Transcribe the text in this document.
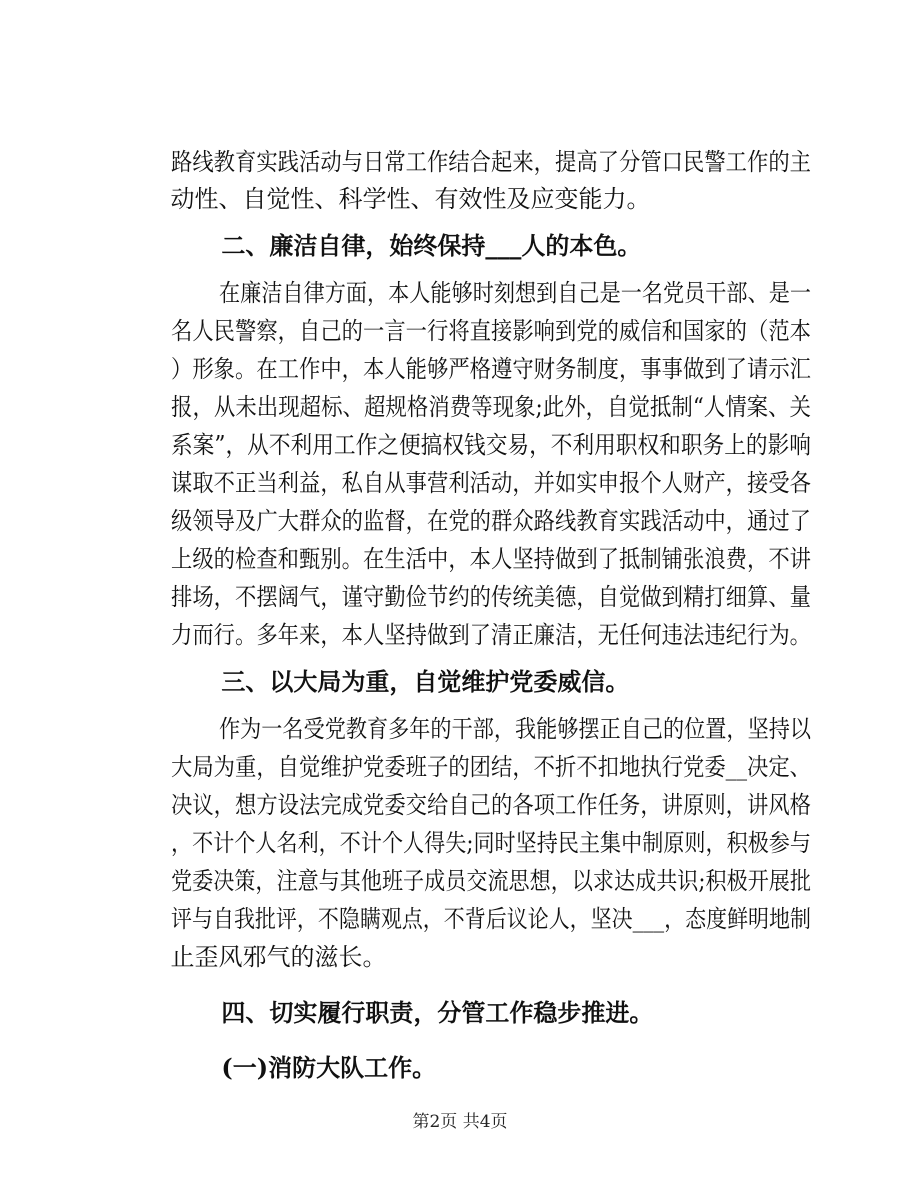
路线教育实践活动与日常工作结合起来，提高了分管口民警工作的主

动性、自觉性、科学性、有效性及应变能力。

二、廉洁自律，始终保持___人的本色。

在廉洁自律方面，本人能够时刻想到自己是一名党员干部、是一

名人民警察，自己的一言一行将直接影响到党的威信和国家的（范本

）形象。在工作中，本人能够严格遵守财务制度，事事做到了请示汇

报，从未出现超标、超规格消费等现象;此外，自觉抵制“人情案、关

系案”，从不利用工作之便搞权钱交易，不利用职权和职务上的影响

谋取不正当利益，私自从事营利活动，并如实申报个人财产，接受各

级领导及广大群众的监督，在党的群众路线教育实践活动中，通过了

上级的检查和甄别。在生活中，本人坚持做到了抵制铺张浪费，不讲

排场，不摆阔气，谨守勤俭节约的传统美德，自觉做到精打细算、量

力而行。多年来，本人坚持做到了清正廉洁，无任何违法违纪行为。

三、以大局为重，自觉维护党委威信。

作为一名受党教育多年的干部，我能够摆正自己的位置，坚持以

大局为重，自觉维护党委班子的团结，不折不扣地执行党委__决定、

决议，想方设法完成党委交给自己的各项工作任务，讲原则，讲风格

，不计个人名利，不计个人得失;同时坚持民主集中制原则，积极参与

党委决策，注意与其他班子成员交流思想，以求达成共识;积极开展批

评与自我批评，不隐瞒观点，不背后议论人，坚决___，态度鲜明地制

止歪风邪气的滋长。

四、切实履行职责，分管工作稳步推进。

(一)消防大队工作。

第2页 共4页
